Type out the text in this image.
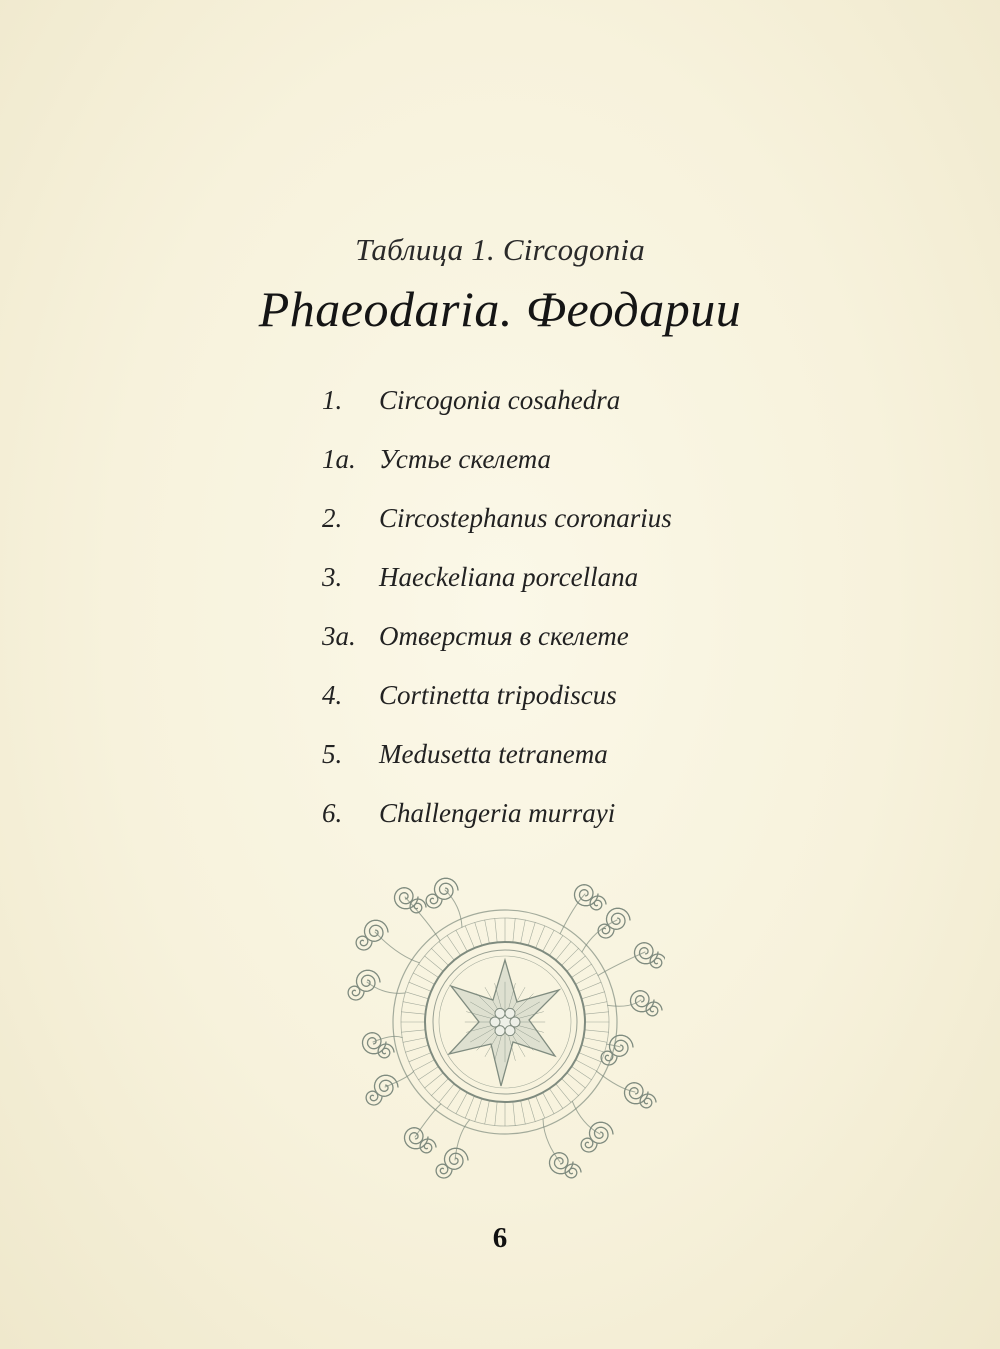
Таблица 1. Circogonia
Phaeodaria. Феодарии
1.	Circogonia cosahedra
1a. Устье скелета
2.	Circostephanus coronarius
3.	Haeckeliana porcellana
3a. Отверстия в скелете
4.	Cortinetta tripodiscus
5.	Medusetta tetranema
6.	Challengeria murrayi
6
